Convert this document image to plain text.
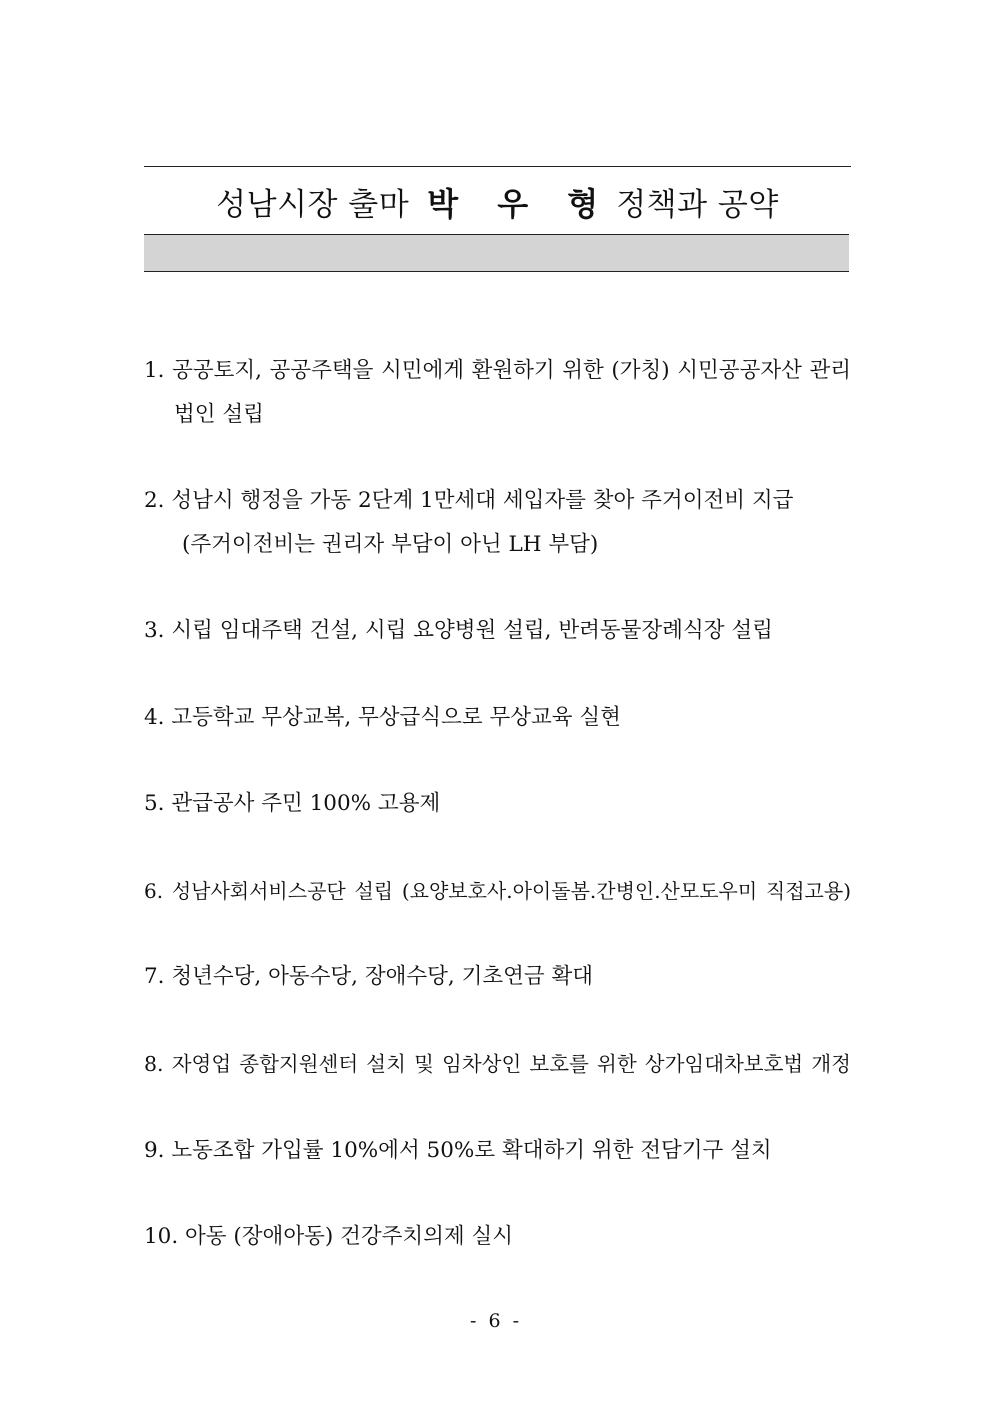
성남시장 출마 박 우 형 정책과 공약
1. 공공토지, 공공주택을 시민에게 환원하기 위한 (가칭) 시민공공자산 관리
법인 설립
2. 성남시 행정을 가동 2단계 1만세대 세입자를 찾아 주거이전비 지급
(주거이전비는 권리자 부담이 아닌 LH 부담)
3. 시립 임대주택 건설, 시립 요양병원 설립, 반려동물장례식장 설립
4. 고등학교 무상교복, 무상급식으로 무상교육 실현
5. 관급공사 주민 100% 고용제
6. 성남사회서비스공단 설립 (요양보호사.아이돌봄.간병인.산모도우미 직접고용)
7. 청년수당, 아동수당, 장애수당, 기초연금 확대
8. 자영업 종합지원센터 설치 및 임차상인 보호를 위한 상가임대차보호법 개정
9. 노동조합 가입률 10%에서 50%로 확대하기 위한 전담기구 설치
10. 아동 (장애아동) 건강주치의제 실시
- 6 -
